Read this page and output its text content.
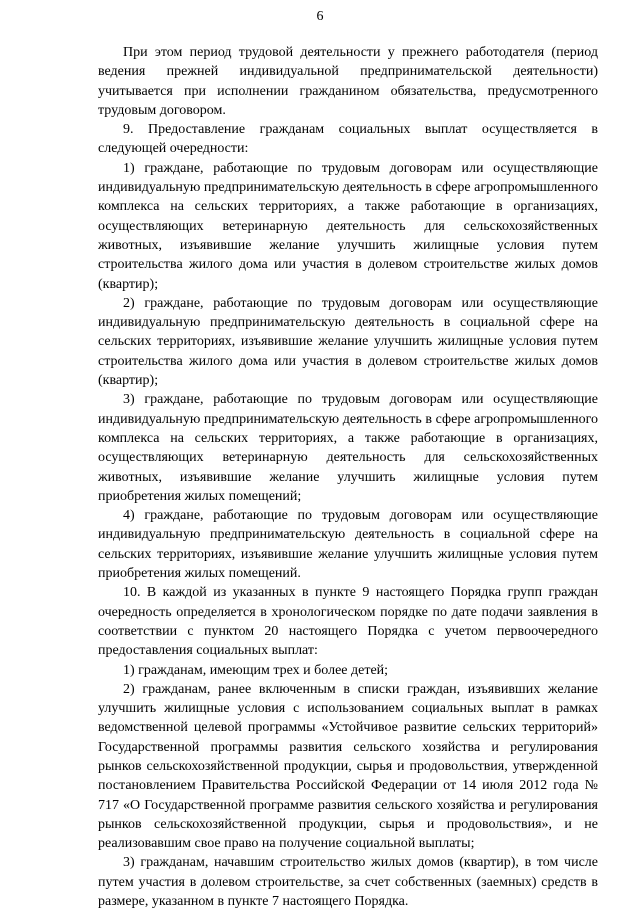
6

При этом период трудовой деятельности у прежнего работодателя (период ведения прежней индивидуальной предпринимательской деятельности) учитывается при исполнении гражданином обязательства, предусмотренного трудовым договором.

9. Предоставление гражданам социальных выплат осуществляется в следующей очередности:

1) граждане, работающие по трудовым договорам или осуществляющие индивидуальную предпринимательскую деятельность в сфере агропромышленного комплекса на сельских территориях, а также работающие в организациях, осуществляющих ветеринарную деятельность для сельскохозяйственных животных, изъявившие желание улучшить жилищные условия путем строительства жилого дома или участия в долевом строительстве жилых домов (квартир);

2) граждане, работающие по трудовым договорам или осуществляющие индивидуальную предпринимательскую деятельность в социальной сфере на сельских территориях, изъявившие желание улучшить жилищные условия путем строительства жилого дома или участия в долевом строительстве жилых домов (квартир);

3) граждане, работающие по трудовым договорам или осуществляющие индивидуальную предпринимательскую деятельность в сфере агропромышленного комплекса на сельских территориях, а также работающие в организациях, осуществляющих ветеринарную деятельность для сельскохозяйственных животных, изъявившие желание улучшить жилищные условия путем приобретения жилых помещений;

4) граждане, работающие по трудовым договорам или осуществляющие индивидуальную предпринимательскую деятельность в социальной сфере на сельских территориях, изъявившие желание улучшить жилищные условия путем приобретения жилых помещений.

10. В каждой из указанных в пункте 9 настоящего Порядка групп граждан очередность определяется в хронологическом порядке по дате подачи заявления в соответствии с пунктом 20 настоящего Порядка с учетом первоочередного предоставления социальных выплат:

1) гражданам, имеющим трех и более детей;

2) гражданам, ранее включенным в списки граждан, изъявивших желание улучшить жилищные условия с использованием социальных выплат в рамках ведомственной целевой программы «Устойчивое развитие сельских территорий» Государственной программы развития сельского хозяйства и регулирования рынков сельскохозяйственной продукции, сырья и продовольствия, утвержденной постановлением Правительства Российской Федерации от 14 июля 2012 года № 717 «О Государственной программе развития сельского хозяйства и регулирования рынков сельскохозяйственной продукции, сырья и продовольствия», и не реализовавшим свое право на получение социальной выплаты;

3) гражданам, начавшим строительство жилых домов (квартир), в том числе путем участия в долевом строительстве, за счет собственных (заемных) средств в размере, указанном в пункте 7 настоящего Порядка.
